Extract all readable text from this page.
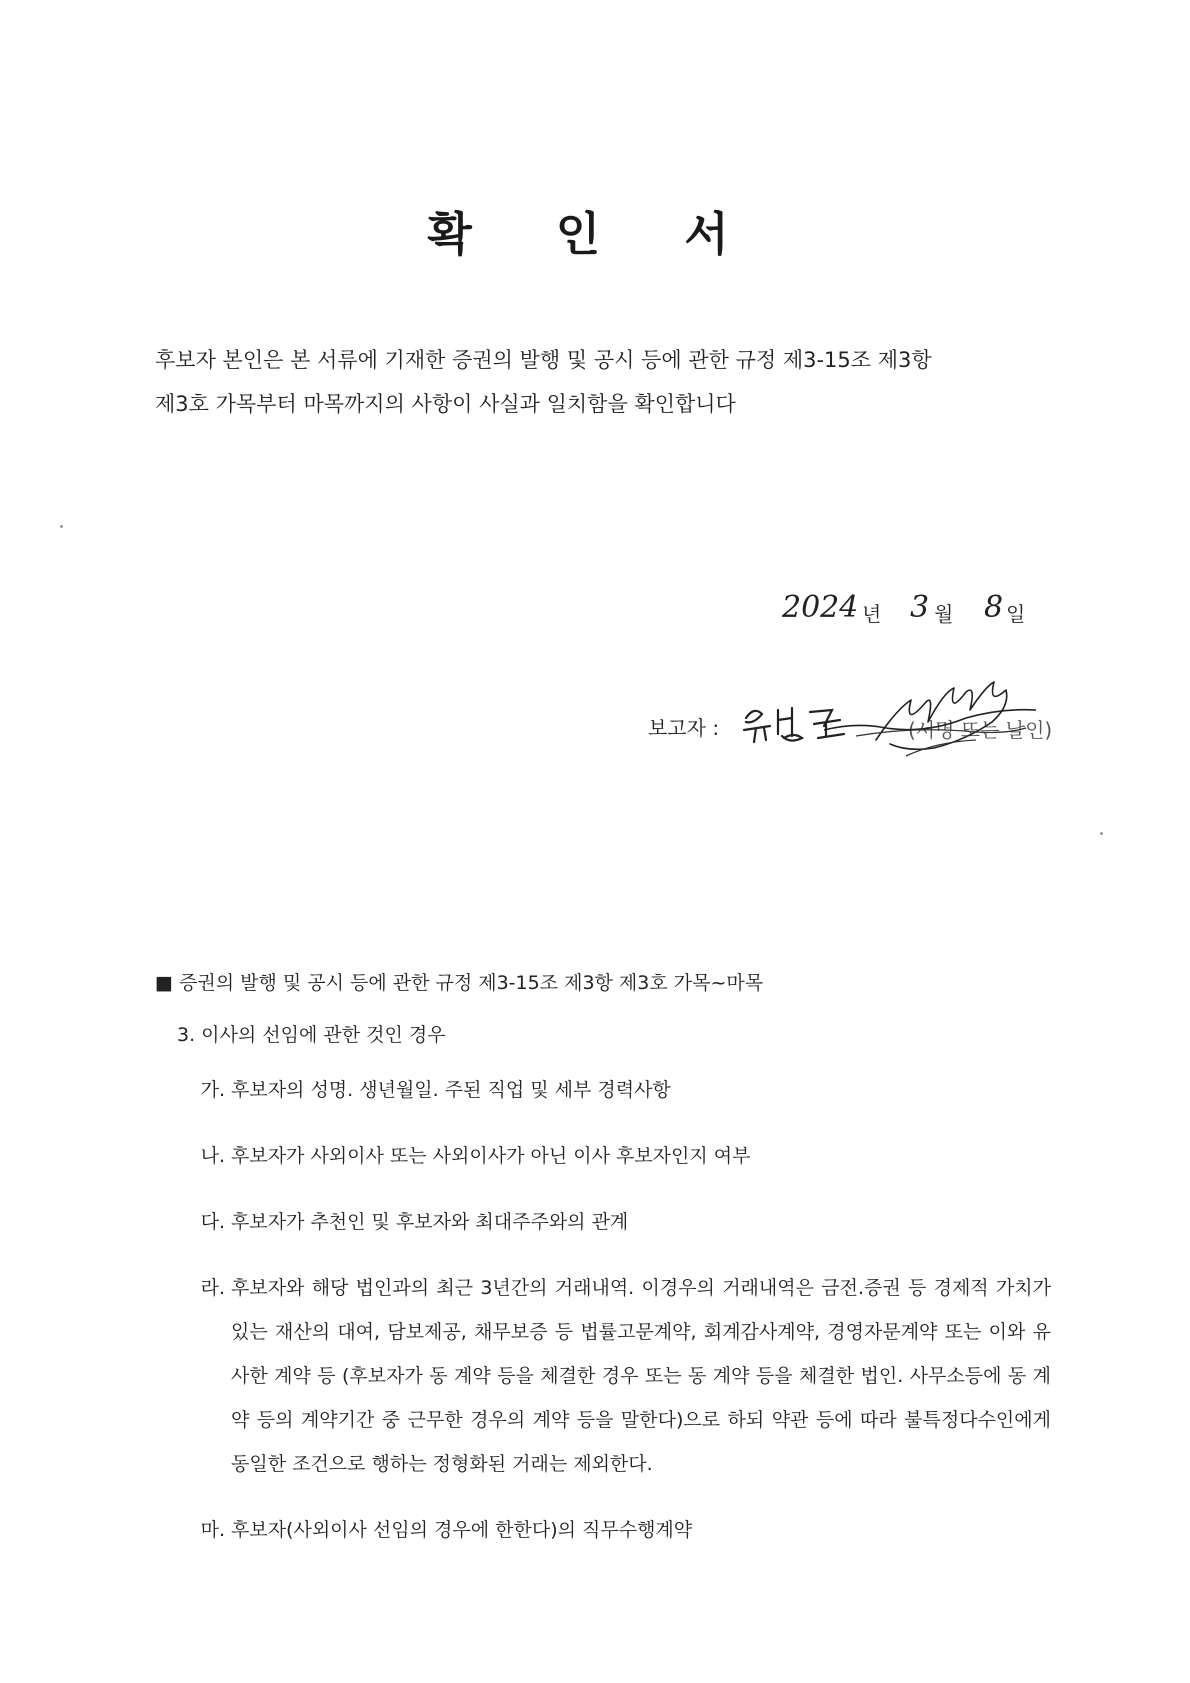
확 인 서

후보자 본인은 본 서류에 기재한 증권의 발행 및 공시 등에 관한 규정 제3-15조 제3항

제3호 가목부터 마목까지의 사항이 사실과 일치함을 확인합니다

2024 년 3 월 8 일
보고자 :	(서명 또는 날인)

■ 증권의 발행 및 공시 등에 관한 규정 제3-15조 제3항 제3호 가목~마목

3. 이사의 선임에 관한 것인 경우

가. 후보자의 성명. 생년월일. 주된 직업 및 세부 경력사항
나. 후보자가 사외이사 또는 사외이사가 아닌 이사 후보자인지 여부
다. 후보자가 추천인 및 후보자와 최대주주와의 관계
라. 후보자와 해당 법인과의 최근 3년간의 거래내역. 이경우의 거래내역은 금전.증권 등 경제적 가치가 있는 재산의 대여, 담보제공, 채무보증 등 법률고문계약, 회계감사계약, 경영자문계약 또는 이와 유사한 계약 등 (후보자가 동 계약 등을 체결한 경우 또는 동 계약 등을 체결한 법인. 사무소등에 동 계약 등의 계약기간 중 근무한 경우의 계약 등을 말한다)으로 하되 약관 등에 따라 불특정다수인에게 동일한 조건으로 행하는 정형화된 거래는 제외한다.
마. 후보자(사외이사 선임의 경우에 한한다)의 직무수행계약
